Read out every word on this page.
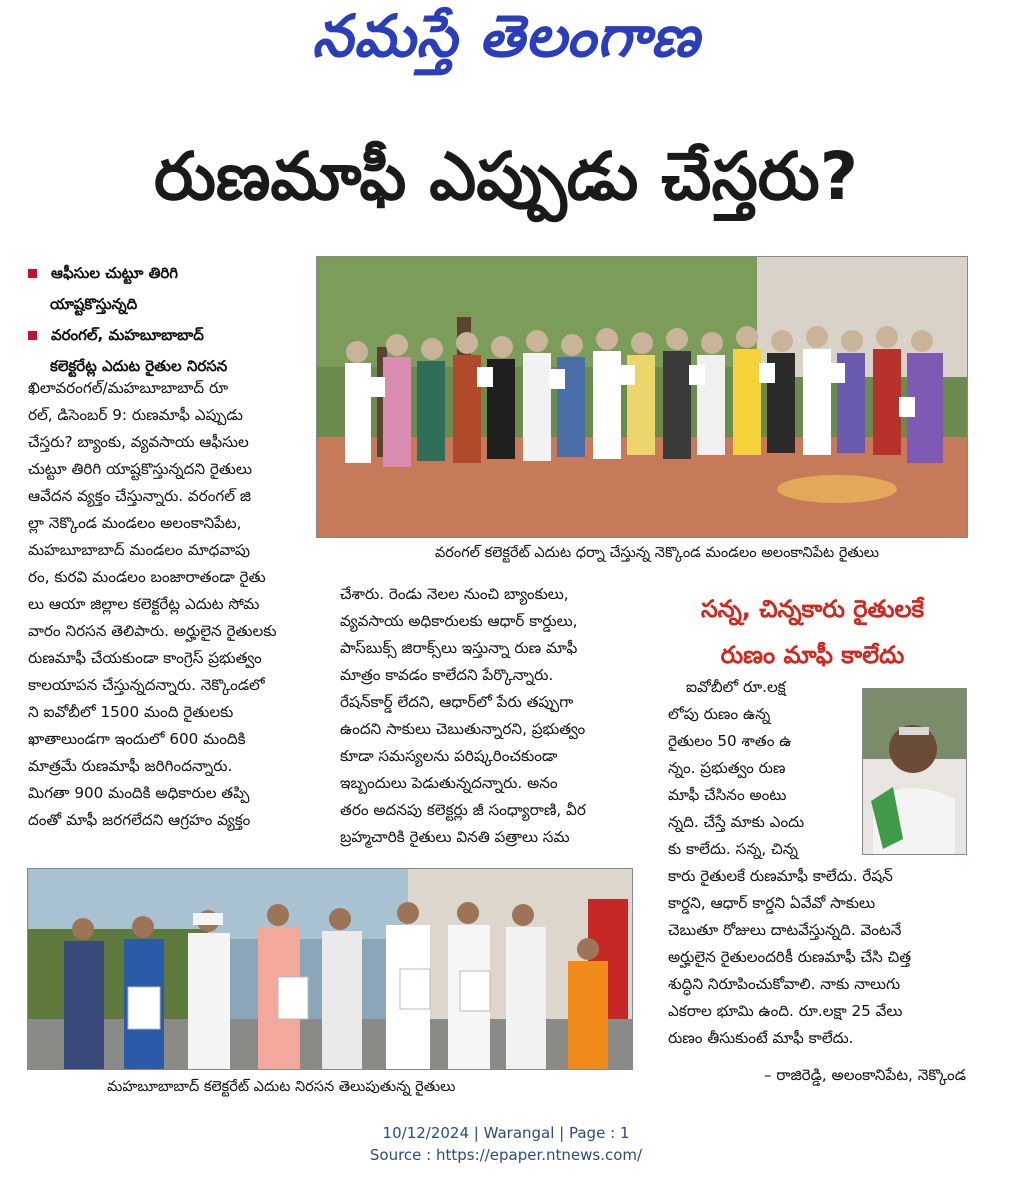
నమస్తే తెలంగాణ
రుణమాఫీ ఎప్పుడు చేస్తరు?
ఆఫీసుల చుట్టూ తిరిగి
యాష్టకొస్తున్నది
వరంగల్, మహబూబాబాద్
కలెక్టరేట్ల ఎదుట రైతుల నిరసన

ఖిలావరంగల్/మహబూబాబాద్ రూ

రల్, డిసెంబర్ 9: రుణమాఫీ ఎప్పుడు

చేస్తరు? బ్యాంకు, వ్యవసాయ ఆఫీసుల

చుట్టూ తిరిగి యాష్టకొస్తున్నదని రైతులు

ఆవేదన వ్యక్తం చేస్తున్నారు. వరంగల్ జి

ల్లా నెక్కొండ మండలం అలంకానిపేట,

మహబూబాబాద్ మండలం మాధవాపు

రం, కురవి మండలం బంజారాతండా రైతు

లు ఆయా జిల్లాల కలెక్టరేట్ల ఎదుట సోమ

వారం నిరసన తెలిపారు. అర్హులైన రైతులకు

రుణమాఫీ చేయకుండా కాంగ్రెస్ ప్రభుత్వం

కాలయాపన చేస్తున్నదన్నారు. నెక్కొండలో

ని ఐవోబీలో 1500 మంది రైతులకు

ఖాతాలుండగా ఇందులో 600 మందికి

మాత్రమే రుణమాఫీ జరిగిందన్నారు.

మిగతా 900 మందికి అధికారుల తప్పి

దంతో మాఫీ జరగలేదని ఆగ్రహం వ్యక్తం

వరంగల్ కలెక్టరేట్ ఎదుట ధర్నా చేస్తున్న నెక్కొండ మండలం అలంకానిపేట రైతులు

చేశారు. రెండు నెలల నుంచి బ్యాంకులు,

వ్యవసాయ అధికారులకు ఆధార్ కార్డులు,

పాస్‌బుక్స్ జిరాక్స్‌లు ఇస్తున్నా రుణ మాఫీ

మాత్రం కావడం కాలేదని పేర్కొన్నారు.

రేషన్‌కార్డ్ లేదని, ఆధార్‌లో పేరు తప్పుగా

ఉందని సాకులు చెబుతున్నారని, ప్రభుత్వం

కూడా సమస్యలను పరిష్కరించకుండా

ఇబ్బందులు పెడుతున్నదన్నారు. అనం

తరం అదనపు కలెక్టర్లు జీ సంధ్యారాణి, వీర

బ్రహ్మచారికి రైతులు వినతి పత్రాలు సమ

సన్న, చిన్నకారు రైతులకే
రుణం మాఫీ కాలేదు

ఐవోబీలో రూ.లక్ష

లోపు రుణం ఉన్న

రైతులం 50 శాతం ఉ

న్నం. ప్రభుత్వం రుణ

మాఫీ చేసినం అంటు

న్నది. చేస్తే మాకు ఎందు

కు కాలేదు. సన్న, చిన్న

కారు రైతులకే రుణమాఫీ కాలేదు. రేషన్

కార్డని, ఆధార్ కార్డని ఏవేవో సాకులు

చెబుతూ రోజులు దాటవేస్తున్నది. వెంటనే

అర్హులైన రైతులందరికీ రుణమాఫీ చేసి చిత్త

శుద్ధిని నిరూపించుకోవాలి. నాకు నాలుగు

ఎకరాల భూమి ఉంది. రూ.లక్షా 25 వేలు

రుణం తీసుకుంటే మాఫీ కాలేదు.

– రాజిరెడ్డి, అలంకానిపేట, నెక్కొండ

మహబూబాబాద్ కలెక్టరేట్ ఎదుట నిరసన తెలుపుతున్న రైతులు
10/12/2024 | Warangal | Page : 1
Source : https://epaper.ntnews.com/
